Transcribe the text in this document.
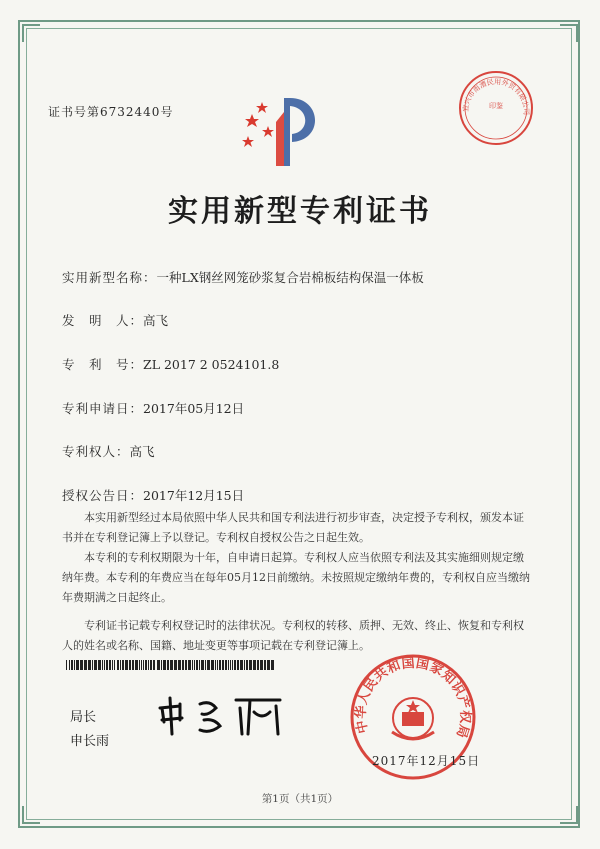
证书号第6732440号	宜兴市南漕民用外贸有限公司
印鉴
实用新型专利证书
实用新型名称：一种LX钢丝网笼砂浆复合岩棉板结构保温一体板
发　明　人：高飞
专　利　号：ZL 2017 2 0524101.8
专利申请日：2017年05月12日
专利权人：高飞
授权公告日：2017年12月15日

本实用新型经过本局依照中华人民共和国专利法进行初步审查，决定授予专利权，颁发本证书并在专利登记簿上予以登记。专利权自授权公告之日起生效。

本专利的专利权期限为十年，自申请日起算。专利权人应当依照专利法及其实施细则规定缴纳年费。本专利的年费应当在每年05月12日前缴纳。未按照规定缴纳年费的，专利权自应当缴纳年费期满之日起终止。

专利证书记载专利权登记时的法律状况。专利权的转移、质押、无效、终止、恢复和专利权人的姓名或名称、国籍、地址变更等事项记载在专利登记簿上。

局长
申长雨
中华人民共和国国家知识产权局
2017年12月15日
第1页（共1页）
